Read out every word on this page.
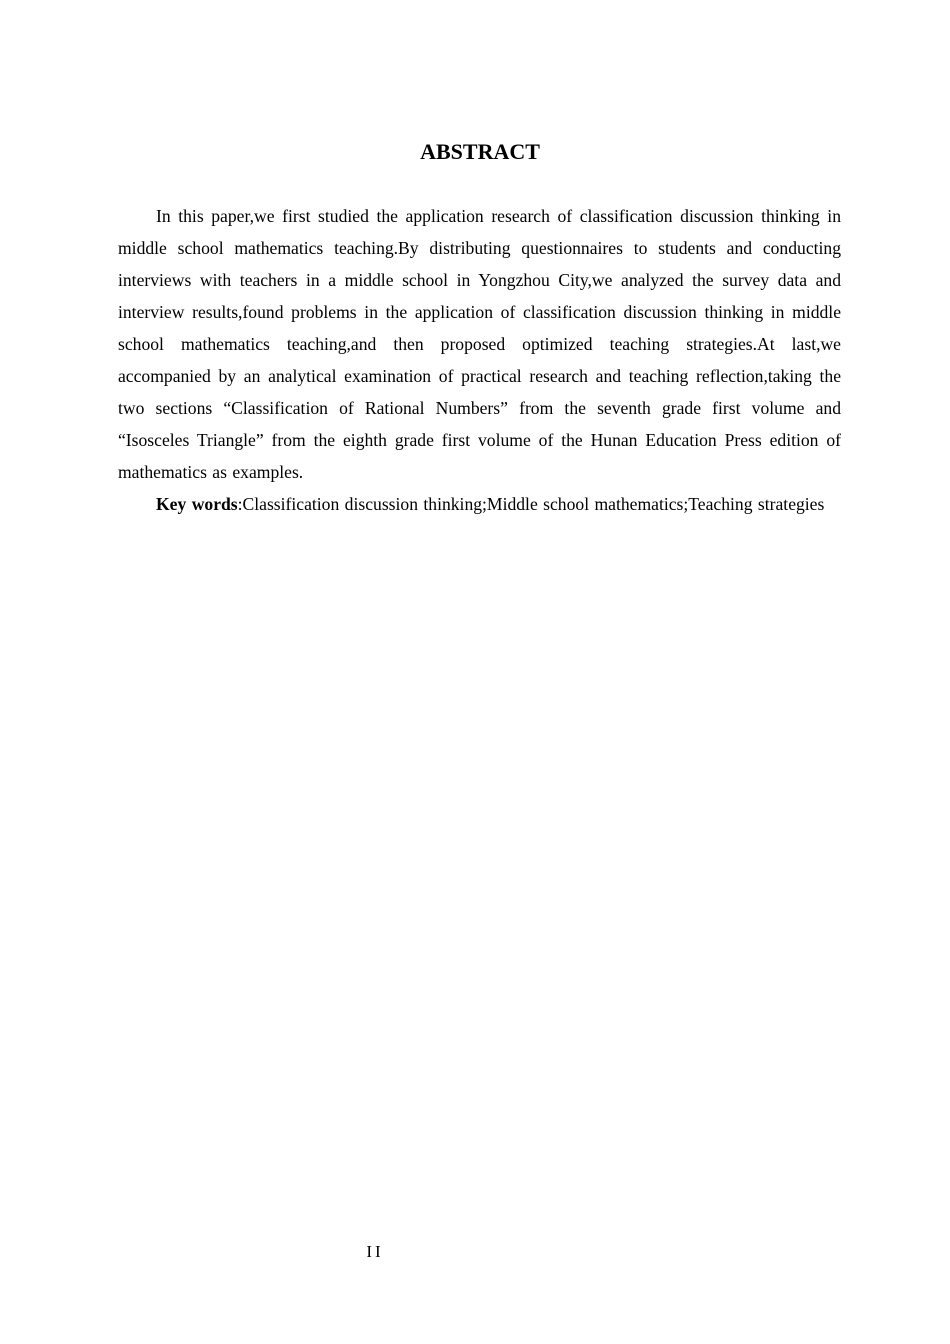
ABSTRACT

In this paper,we first studied the application research of classification discussion thinking in middle school mathematics teaching.By distributing questionnaires to students and conducting interviews with teachers in a middle school in Yongzhou City,we analyzed the survey data and interview results,found problems in the application of classification discussion thinking in middle school mathematics teaching,and then proposed optimized teaching strategies.At last,we accompanied by an analytical examination of practical research and teaching reflection,taking the two sections “Classification of Rational Numbers” from the seventh grade first volume and “Isosceles Triangle” from the eighth grade first volume of the Hunan Education Press edition of mathematics as examples.

Key words:Classification discussion thinking;Middle school mathematics;Teaching strategies

II
